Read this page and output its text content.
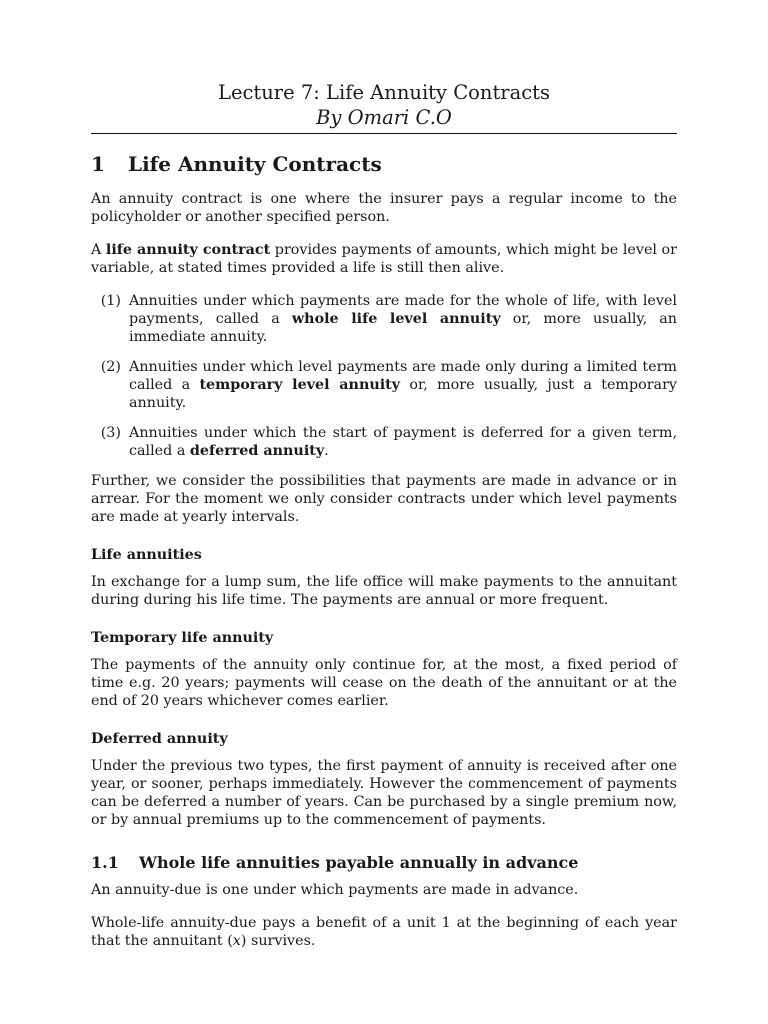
Lecture 7: Life Annuity Contracts
By Omari C.O
1	Life Annuity Contracts

An annuity contract is one where the insurer pays a regular income to the policyholder or another specified person.

A life annuity contract provides payments of amounts, which might be level or variable, at stated times provided a life is still then alive.

(1) Annuities under which payments are made for the whole of life, with level payments, called a whole life level annuity or, more usually, an immediate annuity.
(2) Annuities under which level payments are made only during a limited term called a temporary level annuity or, more usually, just a temporary annuity.
(3) Annuities under which the start of payment is deferred for a given term, called a deferred annuity.

Further, we consider the possibilities that payments are made in advance or in arrear. For the moment we only consider contracts under which level payments are made at yearly intervals.

Life annuities

In exchange for a lump sum, the life office will make payments to the annuitant during during his life time. The payments are annual or more frequent.

Temporary life annuity

The payments of the annuity only continue for, at the most, a fixed period of time e.g. 20 years; payments will cease on the death of the annuitant or at the end of 20 years whichever comes earlier.

Deferred annuity

Under the previous two types, the first payment of annuity is received after one year, or sooner, perhaps immediately. However the commencement of payments can be deferred a number of years. Can be purchased by a single premium now, or by annual premiums up to the commencement of payments.

1.1	Whole life annuities payable annually in advance

An annuity-due is one under which payments are made in advance.

Whole-life annuity-due pays a benefit of a unit 1 at the beginning of each year that the annuitant (x) survives.
